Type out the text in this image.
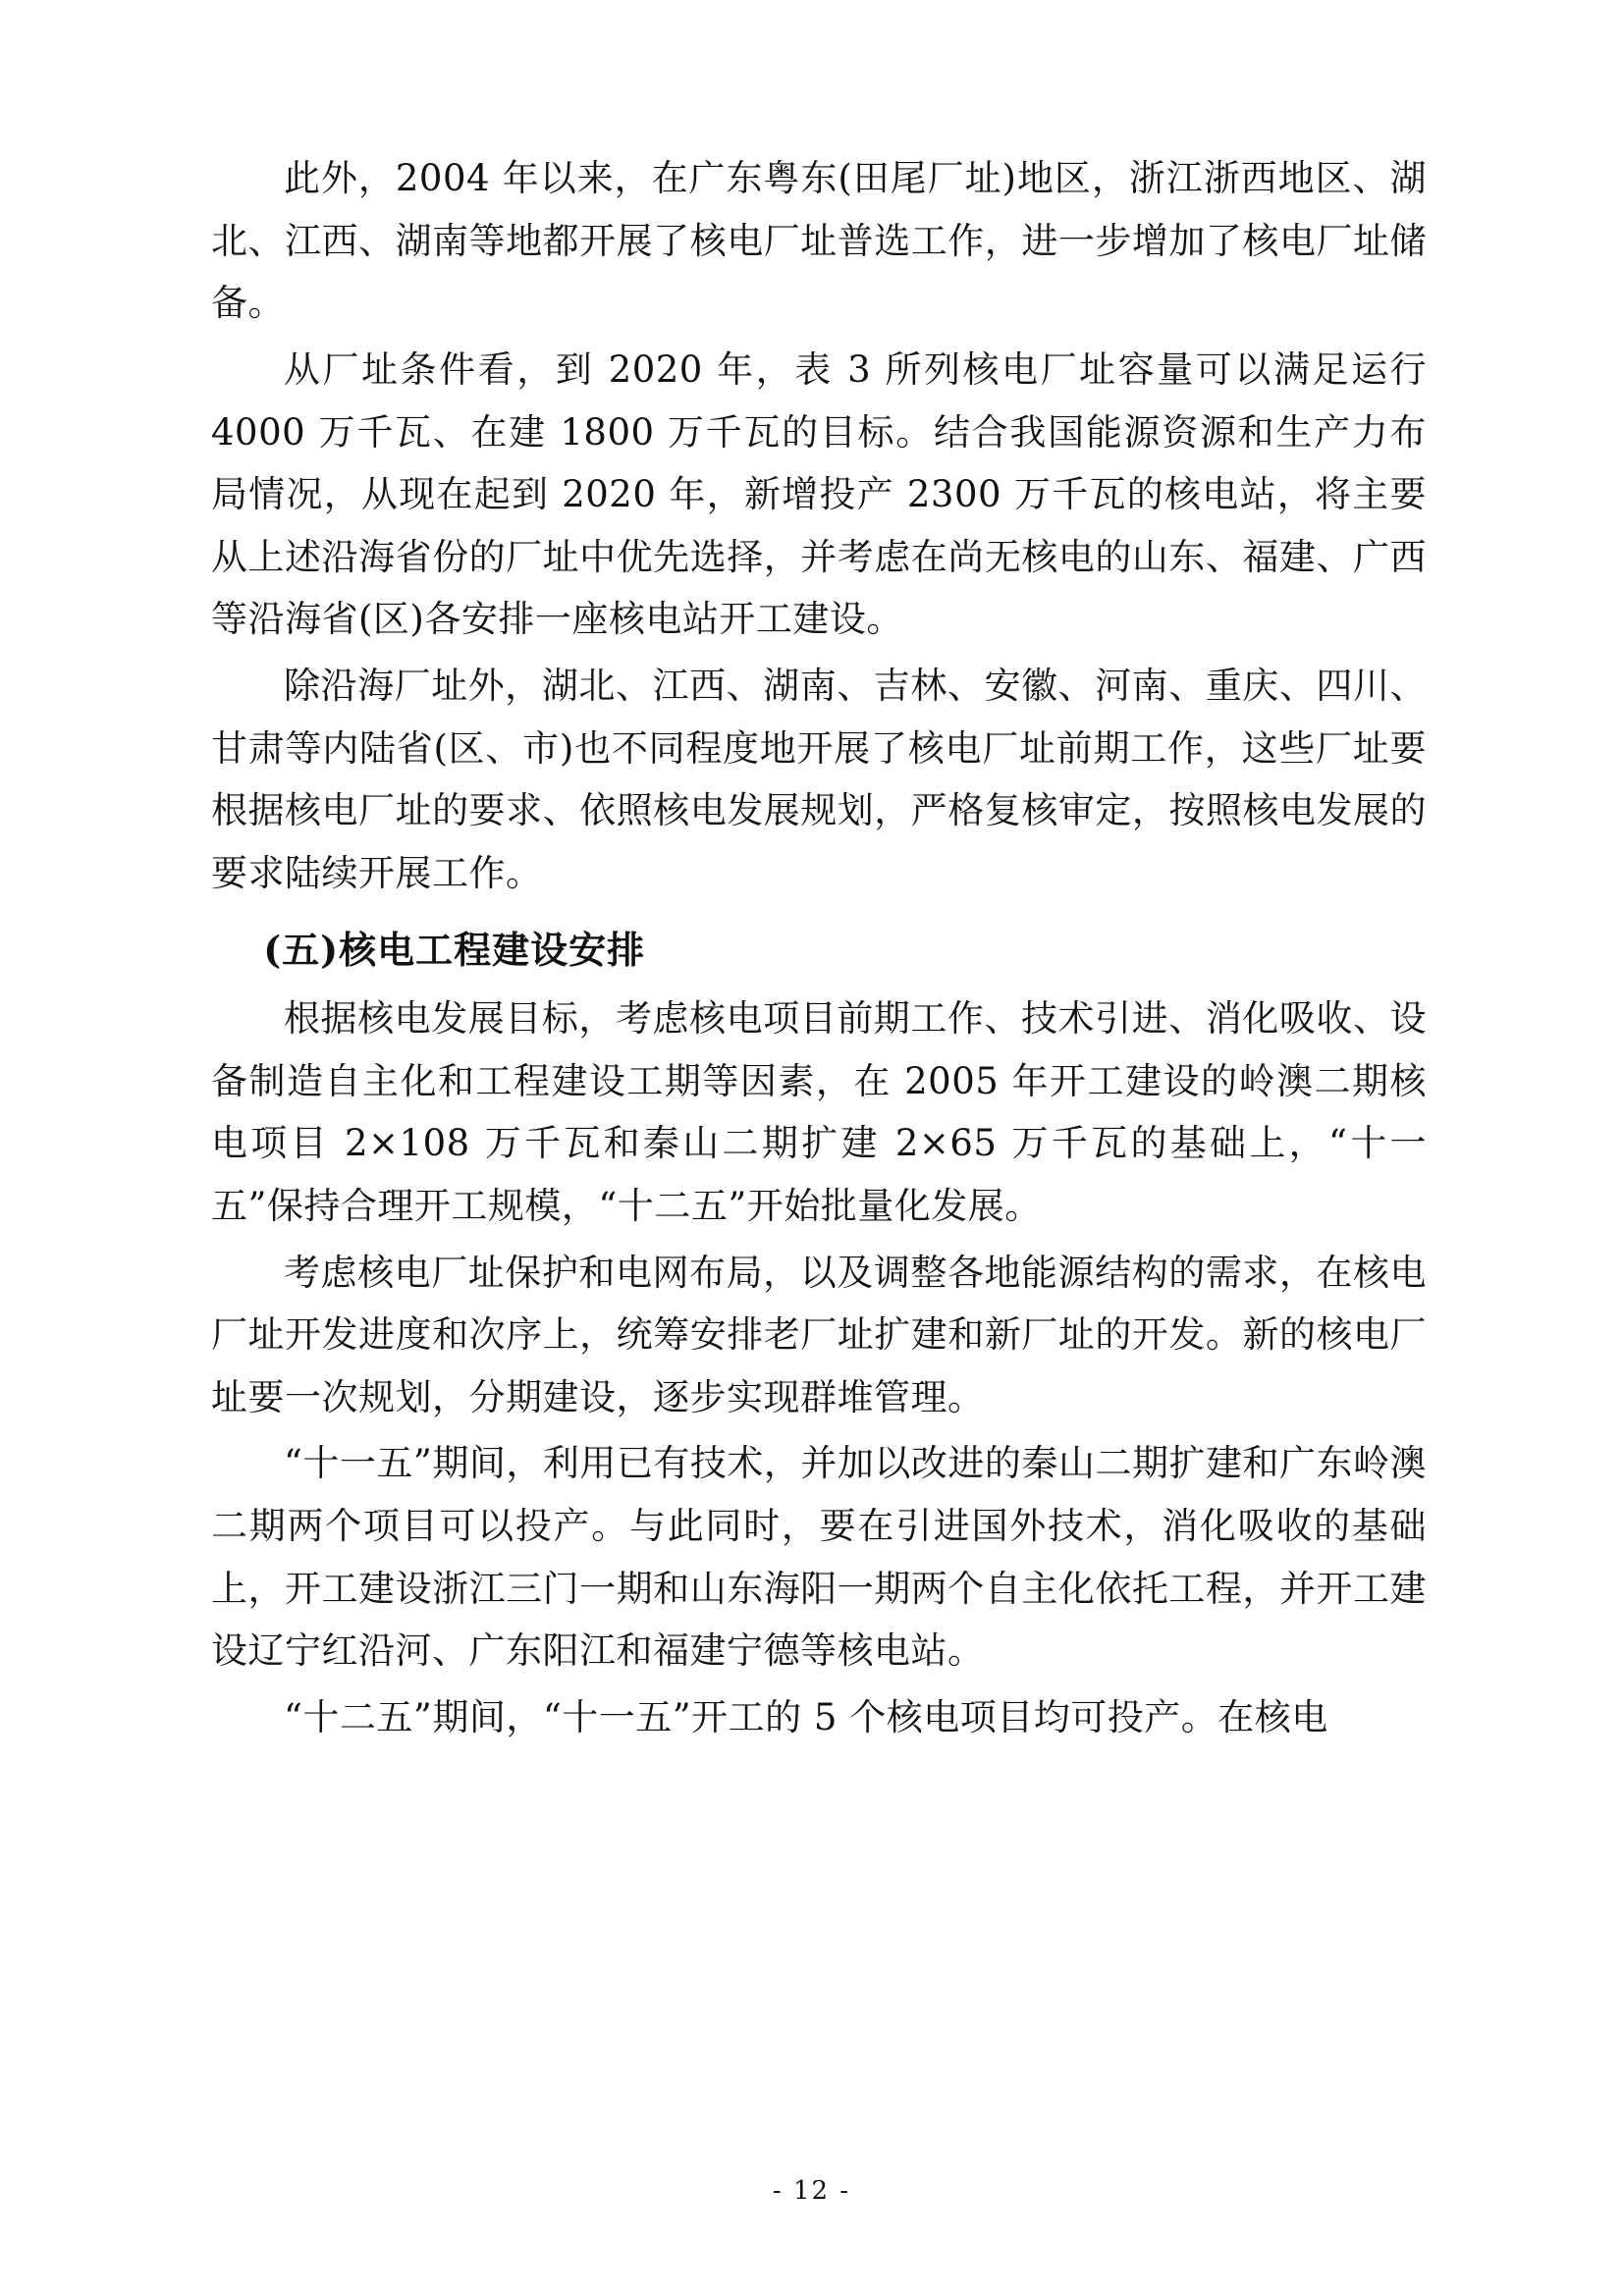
此外，2004 年以来，在广东粤东(田尾厂址)地区，浙江浙西地区、湖北、江西、湖南等地都开展了核电厂址普选工作，进一步增加了核电厂址储备。

从厂址条件看，到 2020 年，表 3 所列核电厂址容量可以满足运行 4000 万千瓦、在建 1800 万千瓦的目标。结合我国能源资源和生产力布局情况，从现在起到 2020 年，新增投产 2300 万千瓦的核电站，将主要从上述沿海省份的厂址中优先选择，并考虑在尚无核电的山东、福建、广西等沿海省(区)各安排一座核电站开工建设。

除沿海厂址外，湖北、江西、湖南、吉林、安徽、河南、重庆、四川、甘肃等内陆省(区、市)也不同程度地开展了核电厂址前期工作，这些厂址要根据核电厂址的要求、依照核电发展规划，严格复核审定，按照核电发展的要求陆续开展工作。

(五)核电工程建设安排

根据核电发展目标，考虑核电项目前期工作、技术引进、消化吸收、设备制造自主化和工程建设工期等因素，在 2005 年开工建设的岭澳二期核电项目 2×108 万千瓦和秦山二期扩建 2×65 万千瓦的基础上，“十一五”保持合理开工规模，“十二五”开始批量化发展。

考虑核电厂址保护和电网布局，以及调整各地能源结构的需求，在核电厂址开发进度和次序上，统筹安排老厂址扩建和新厂址的开发。新的核电厂址要一次规划，分期建设，逐步实现群堆管理。

“十一五”期间，利用已有技术，并加以改进的秦山二期扩建和广东岭澳二期两个项目可以投产。与此同时，要在引进国外技术，消化吸收的基础上，开工建设浙江三门一期和山东海阳一期两个自主化依托工程，并开工建设辽宁红沿河、广东阳江和福建宁德等核电站。

“十二五”期间，“十一五”开工的 5 个核电项目均可投产。在核电

- 12 -
